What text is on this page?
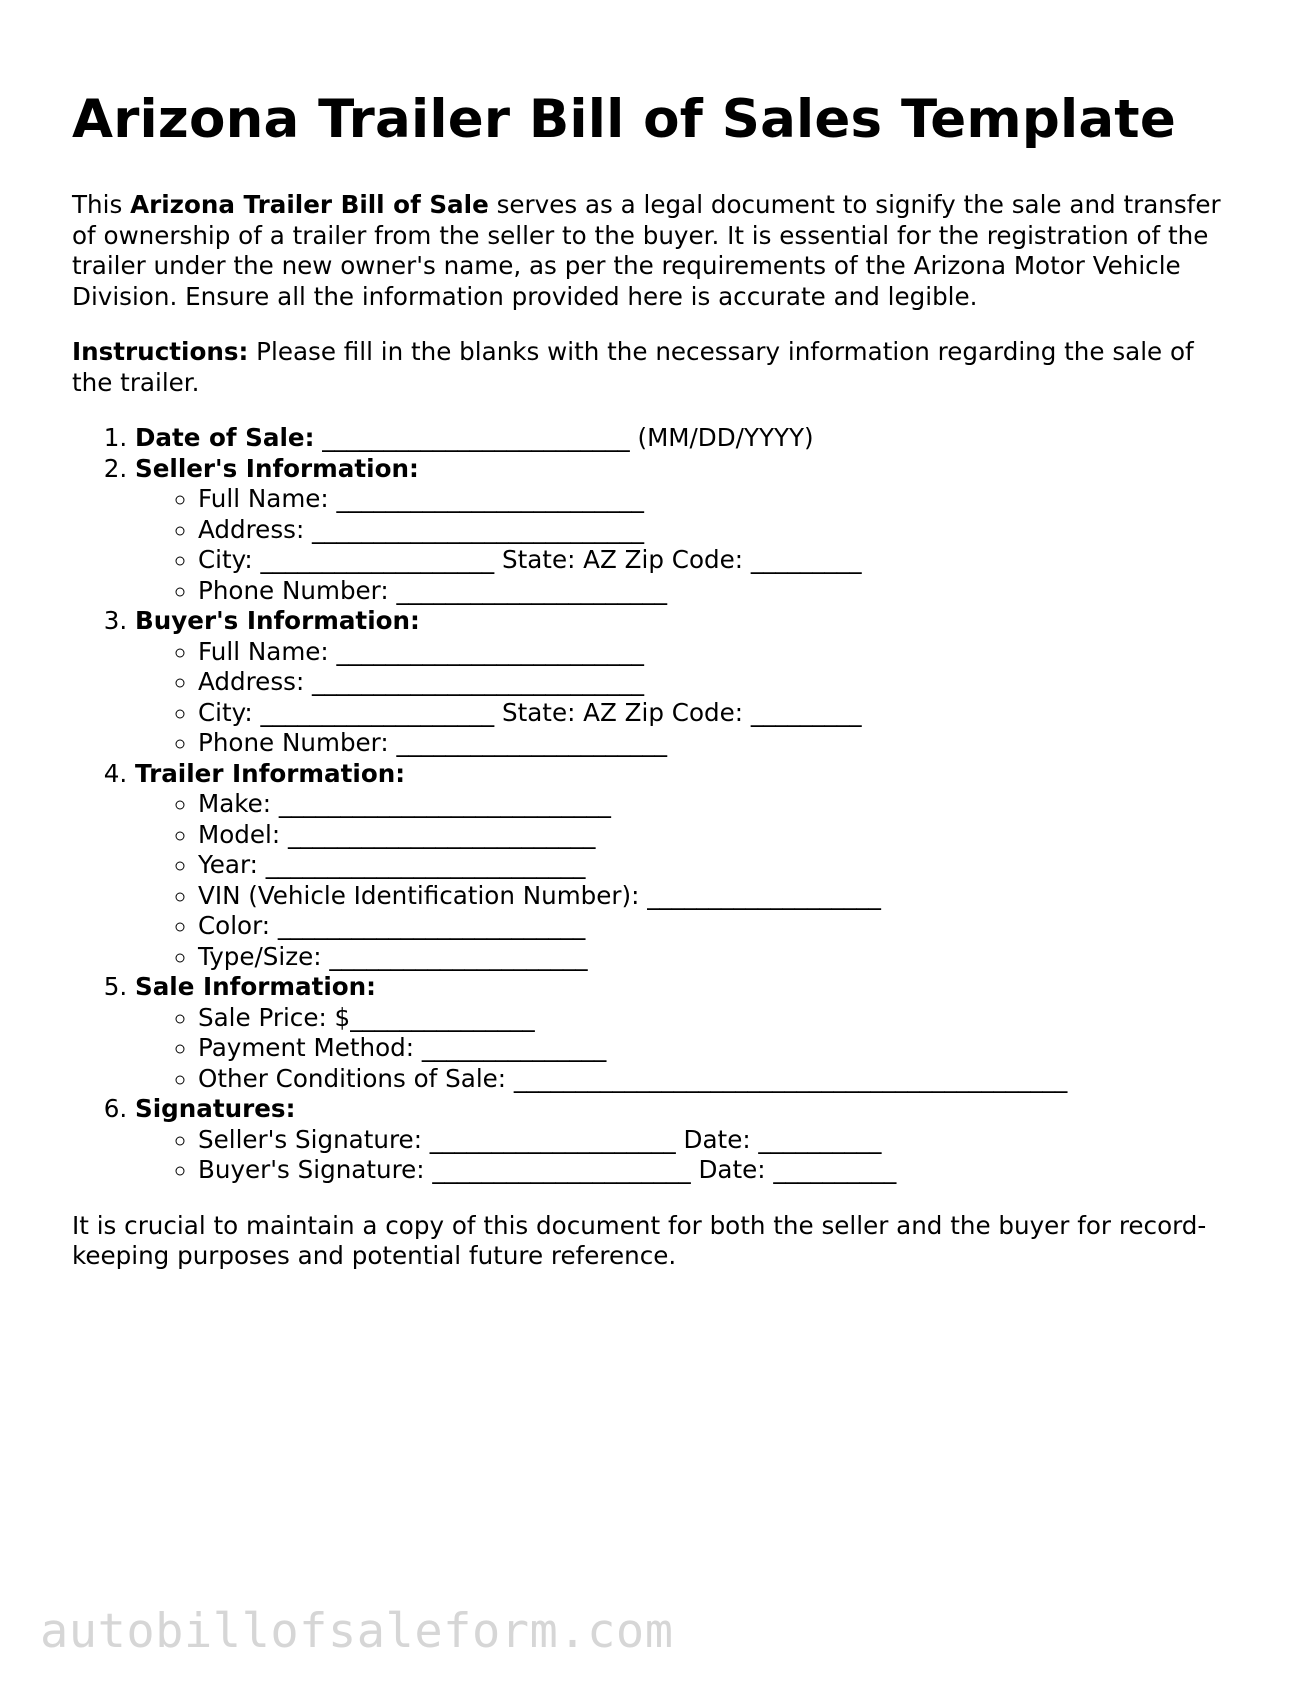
Arizona Trailer Bill of Sales Template

This Arizona Trailer Bill of Sale serves as a legal document to signify the sale and transfer of ownership of a trailer from the seller to the buyer. It is essential for the registration of the trailer under the new owner's name, as per the requirements of the Arizona Motor Vehicle Division. Ensure all the information provided here is accurate and legible.

Instructions: Please fill in the blanks with the necessary information regarding the sale of the trailer.

1. Date of Sale: _________________________ (MM/DD/YYYY)
2. Seller's Information:
◦ Full Name: _________________________
◦ Address: ___________________________
◦ City: ___________________ State: AZ Zip Code: _________
◦ Phone Number: ______________________
3. Buyer's Information:
◦ Full Name: _________________________
◦ Address: ___________________________
◦ City: ___________________ State: AZ Zip Code: _________
◦ Phone Number: ______________________
4. Trailer Information:
◦ Make: ___________________________
◦ Model: _________________________
◦ Year: __________________________
◦ VIN (Vehicle Identification Number): ___________________
◦ Color: _________________________
◦ Type/Size: _____________________
5. Sale Information:
◦ Sale Price: $_______________
◦ Payment Method: _______________
◦ Other Conditions of Sale: _____________________________________________
6. Signatures:
◦ Seller's Signature: ____________________ Date: __________
◦ Buyer's Signature: _____________________ Date: __________

It is crucial to maintain a copy of this document for both the seller and the buyer for record-keeping purposes and potential future reference.

autobillofsaleform.com
